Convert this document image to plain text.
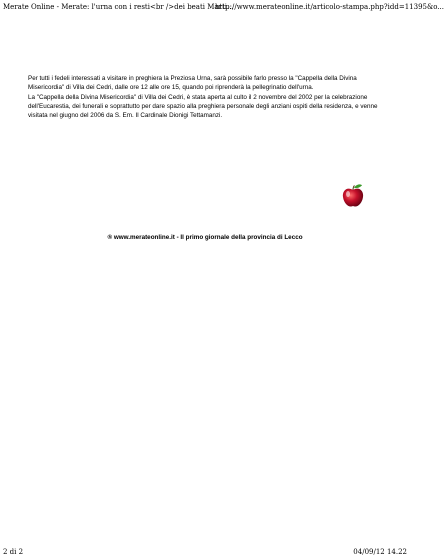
Merate Online - Merate: l'urna con i resti<br />dei beati Marti...
http://www.merateonline.it/articolo-stampa.php?idd=11395&o...

Per tutti i fedeli interessati a visitare in preghiera la Preziosa Urna, sarà possibile farlo presso la "Cappella della Divina Misericordia" di Villa dei Cedri, dalle ore 12 alle ore 15, quando poi riprenderà la pellegrinatio dell'urna.

La "Cappella della Divina Misericordia" di Villa dei Cedri, è stata aperta al culto il 2 novembre del 2002 per la celebrazione dell'Eucarestia, dei funerali e soprattutto per dare spazio alla preghiera personale degli anziani ospiti della residenza, e venne visitata nel giugno del 2006 da S. Em. Il Cardinale Dionigi Tettamanzi.

® www.merateonline.it - Il primo giornale della provincia di Lecco
2 di 2	04/09/12 14.22
